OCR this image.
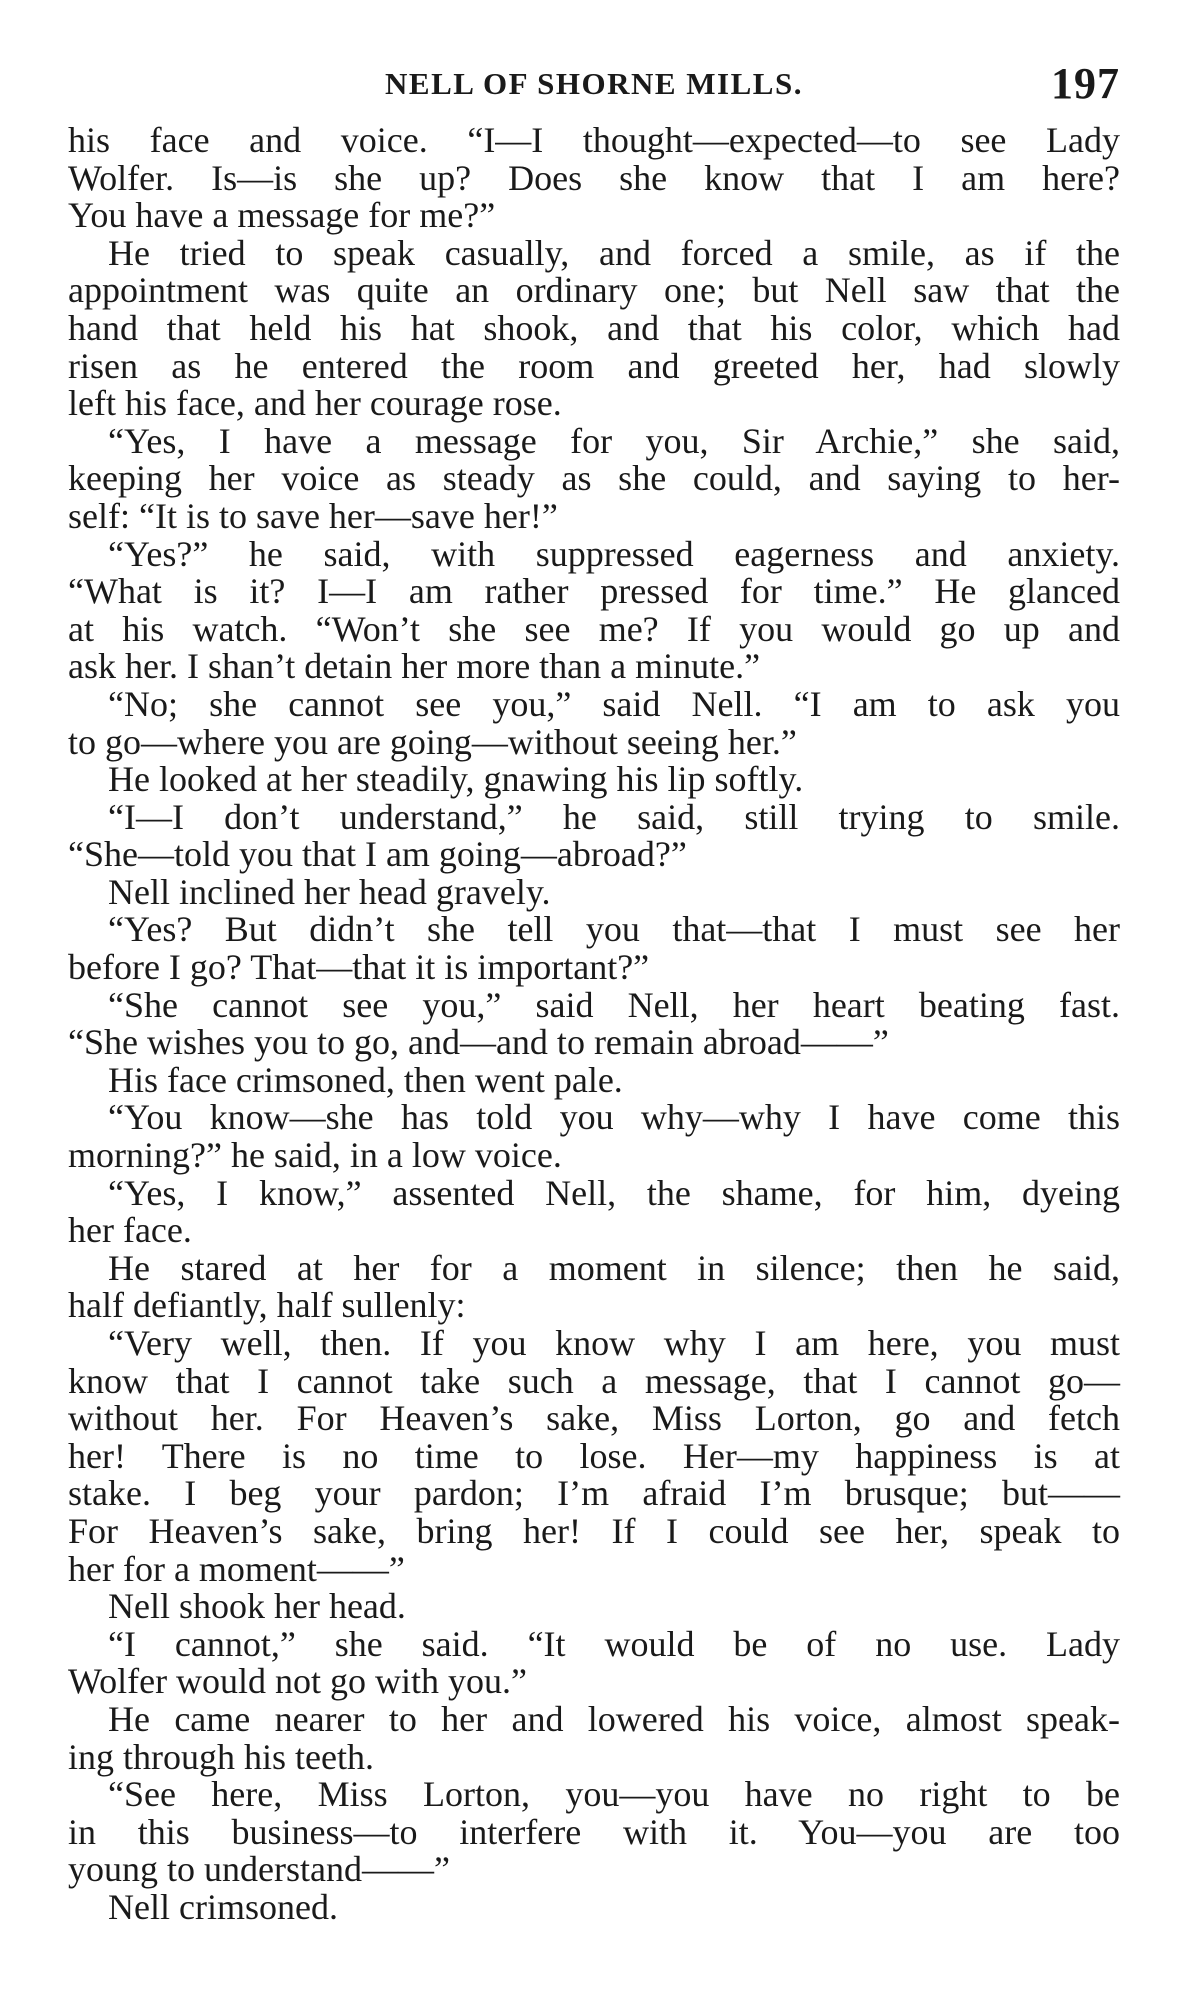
NELL OF SHORNE MILLS.	197
his face and voice. “I—I thought—expected—to see Lady
Wolfer. Is—is she up? Does she know that I am here?
You have a message for me?”
He tried to speak casually, and forced a smile, as if the
appointment was quite an ordinary one; but Nell saw that the
hand that held his hat shook, and that his color, which had
risen as he entered the room and greeted her, had slowly
left his face, and her courage rose.
“Yes, I have a message for you, Sir Archie,” she said,
keeping her voice as steady as she could, and saying to her-
self: “It is to save her—save her!”
“Yes?” he said, with suppressed eagerness and anxiety.
“What is it? I—I am rather pressed for time.” He glanced
at his watch. “Won’t she see me? If you would go up and
ask her. I shan’t detain her more than a minute.”
“No; she cannot see you,” said Nell. “I am to ask you
to go—where you are going—without seeing her.”
He looked at her steadily, gnawing his lip softly.
“I—I don’t understand,” he said, still trying to smile.
“She—told you that I am going—abroad?”
Nell inclined her head gravely.
“Yes? But didn’t she tell you that—that I must see her
before I go? That—that it is important?”
“She cannot see you,” said Nell, her heart beating fast.
“She wishes you to go, and—and to remain abroad——”
His face crimsoned, then went pale.
“You know—she has told you why—why I have come this
morning?” he said, in a low voice.
“Yes, I know,” assented Nell, the shame, for him, dyeing
her face.
He stared at her for a moment in silence; then he said,
half defiantly, half sullenly:
“Very well, then. If you know why I am here, you must
know that I cannot take such a message, that I cannot go—
without her. For Heaven’s sake, Miss Lorton, go and fetch
her! There is no time to lose. Her—my happiness is at
stake. I beg your pardon; I’m afraid I’m brusque; but——
For Heaven’s sake, bring her! If I could see her, speak to
her for a moment——”
Nell shook her head.
“I cannot,” she said. “It would be of no use. Lady
Wolfer would not go with you.”
He came nearer to her and lowered his voice, almost speak-
ing through his teeth.
“See here, Miss Lorton, you—you have no right to be
in this business—to interfere with it. You—you are too
young to understand——”
Nell crimsoned.
